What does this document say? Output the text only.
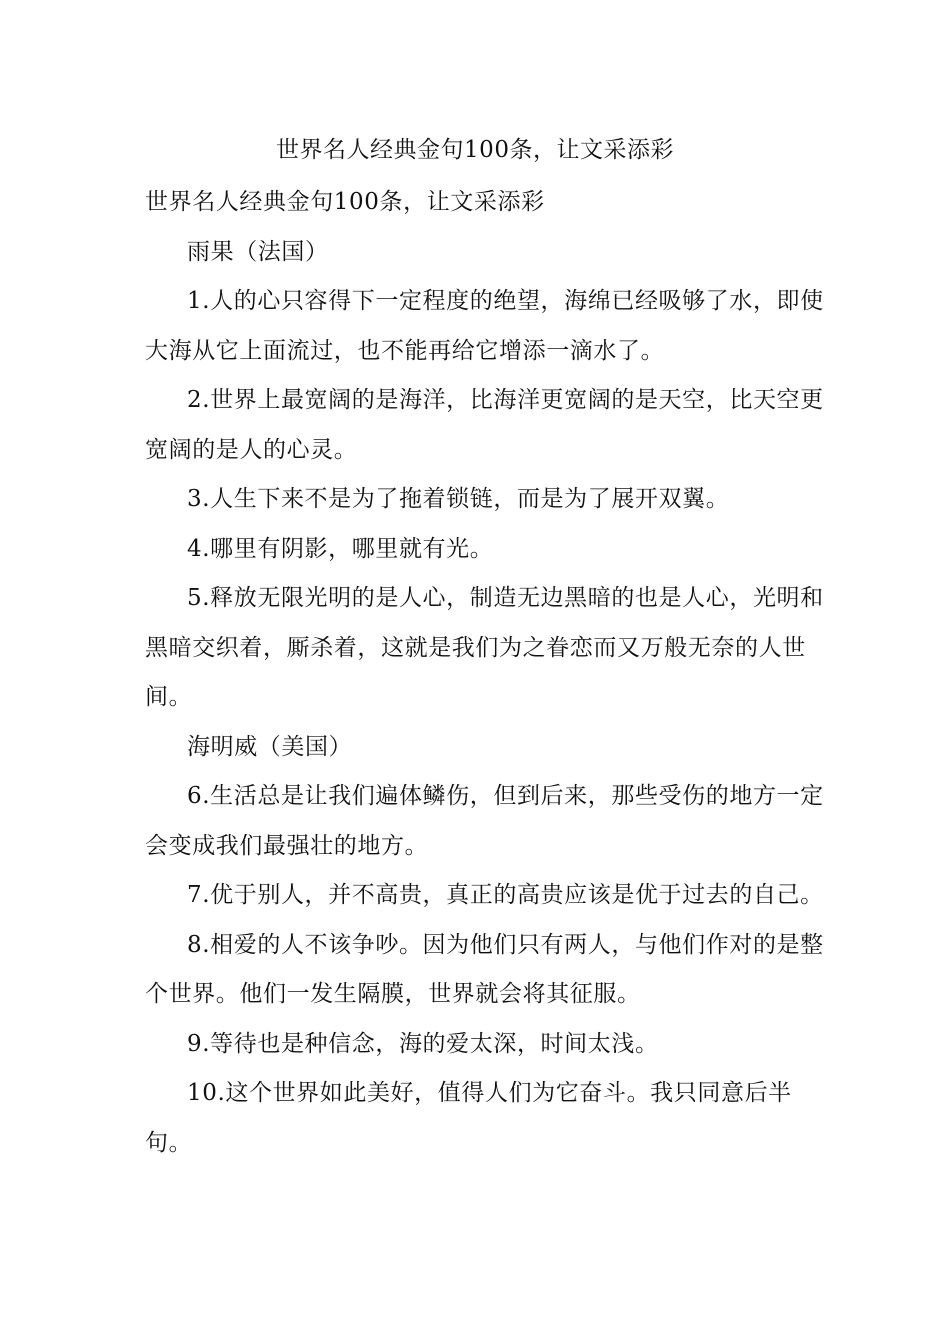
世界名人经典金句100条，让文采添彩

世界名人经典金句100条，让文采添彩

雨果（法国）

1.人的心只容得下一定程度的绝望，海绵已经吸够了水，即使大海从它上面流过，也不能再给它增添一滴水了。

2.世界上最宽阔的是海洋，比海洋更宽阔的是天空，比天空更宽阔的是人的心灵。

3.人生下来不是为了拖着锁链，而是为了展开双翼。

4.哪里有阴影，哪里就有光。

5.释放无限光明的是人心，制造无边黑暗的也是人心，光明和黑暗交织着，厮杀着，这就是我们为之眷恋而又万般无奈的人世间。

海明威（美国）

6.生活总是让我们遍体鳞伤，但到后来，那些受伤的地方一定会变成我们最强壮的地方。

7.优于别人，并不高贵，真正的高贵应该是优于过去的自己。

8.相爱的人不该争吵。因为他们只有两人，与他们作对的是整个世界。他们一发生隔膜，世界就会将其征服。

9.等待也是种信念，海的爱太深，时间太浅。

10.这个世界如此美好，值得人们为它奋斗。我只同意后半句。
